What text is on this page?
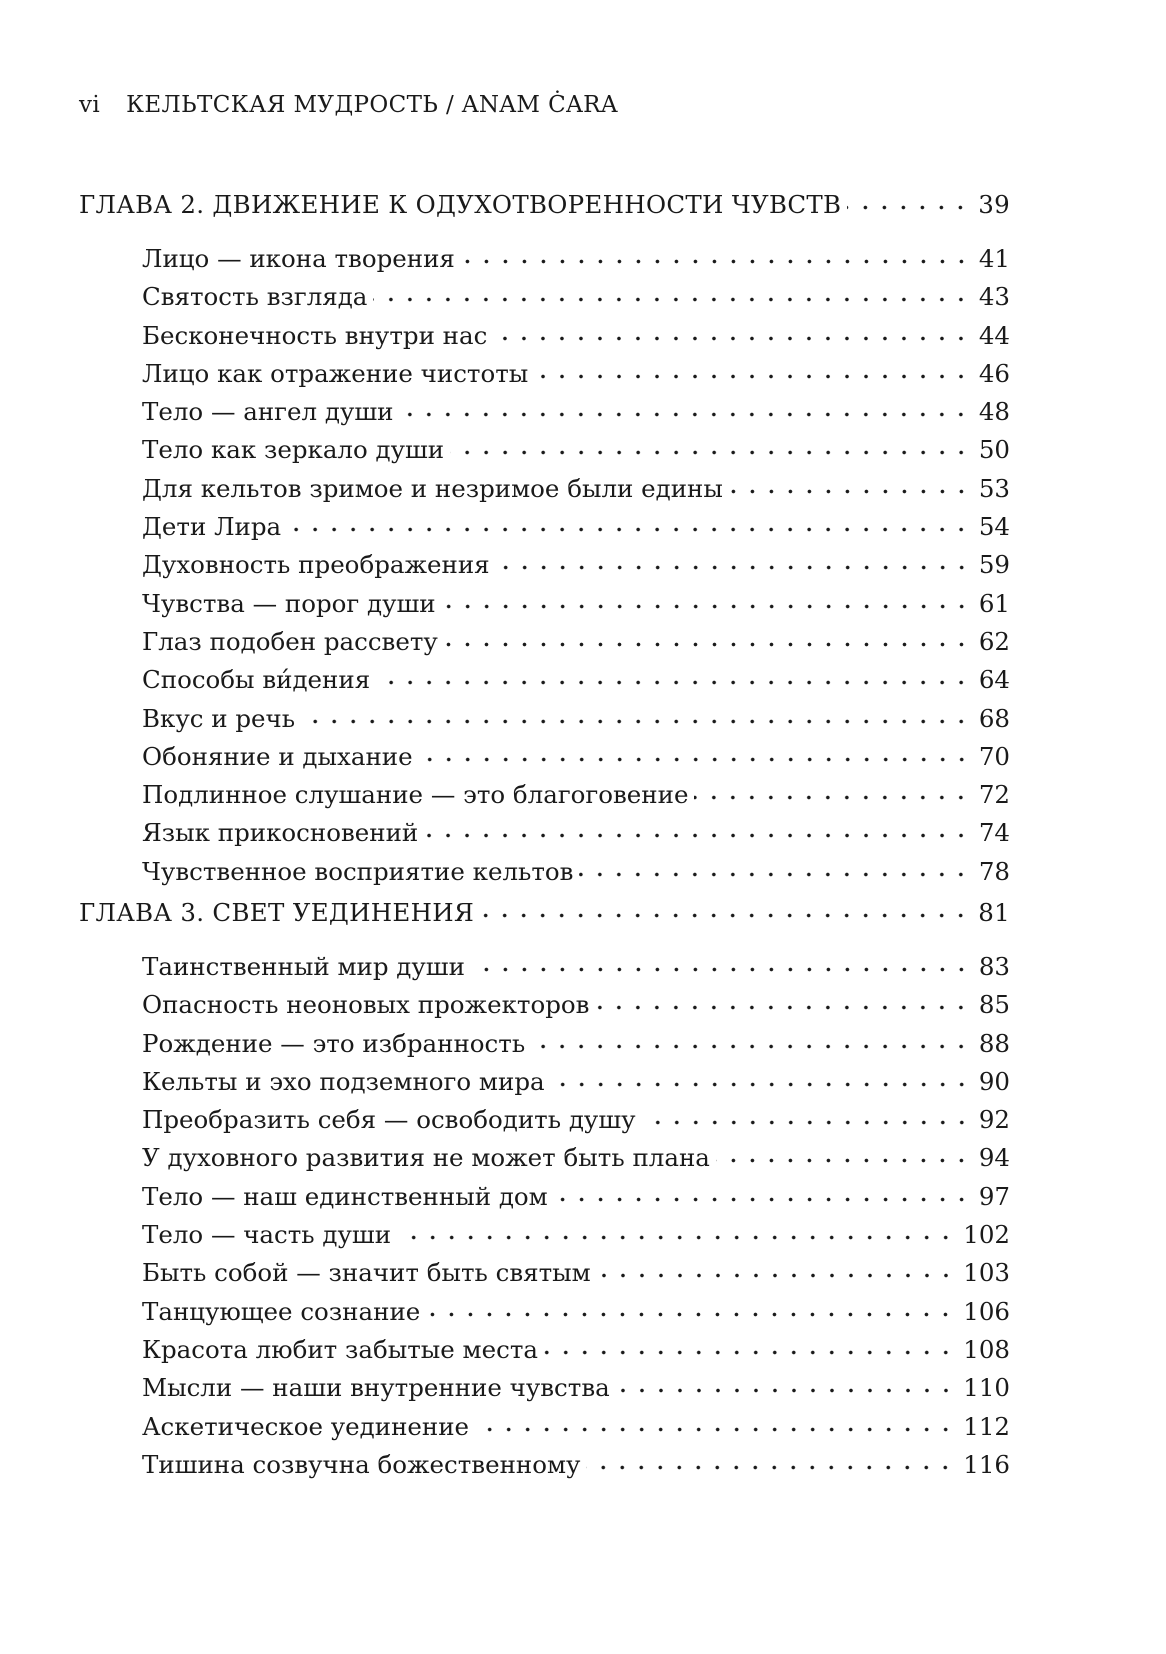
vi КЕЛЬТСКАЯ МУДРОСТЬ / ANAM ĊARA
ГЛАВА 2. ДВИЖЕНИЕ К ОДУХОТВОРЕННОСТИ ЧУВСТВ	39
Лицо — икона творения	41
Святость взгляда	43
Бесконечность внутри нас	44
Лицо как отражение чистоты	46
Тело — ангел души	48
Тело как зеркало души	50
Для кельтов зримое и незримое были едины	53
Дети Лира	54
Духовность преображения	59
Чувства — порог души	61
Глаз подобен рассвету	62
Способы ви́дения	64
Вкус и речь	68
Обоняние и дыхание	70
Подлинное слушание — это благоговение	72
Язык прикосновений	74
Чувственное восприятие кельтов	78
ГЛАВА 3. СВЕТ УЕДИНЕНИЯ	81
Таинственный мир души	83
Опасность неоновых прожекторов	85
Рождение — это избранность	88
Кельты и эхо подземного мира	90
Преобразить себя — освободить душу	92
У духовного развития не может быть плана	94
Тело — наш единственный дом	97
Тело — часть души	102
Быть собой — значит быть святым	103
Танцующее сознание	106
Красота любит забытые места	108
Мысли — наши внутренние чувства	110
Аскетическое уединение	112
Тишина созвучна божественному	116
